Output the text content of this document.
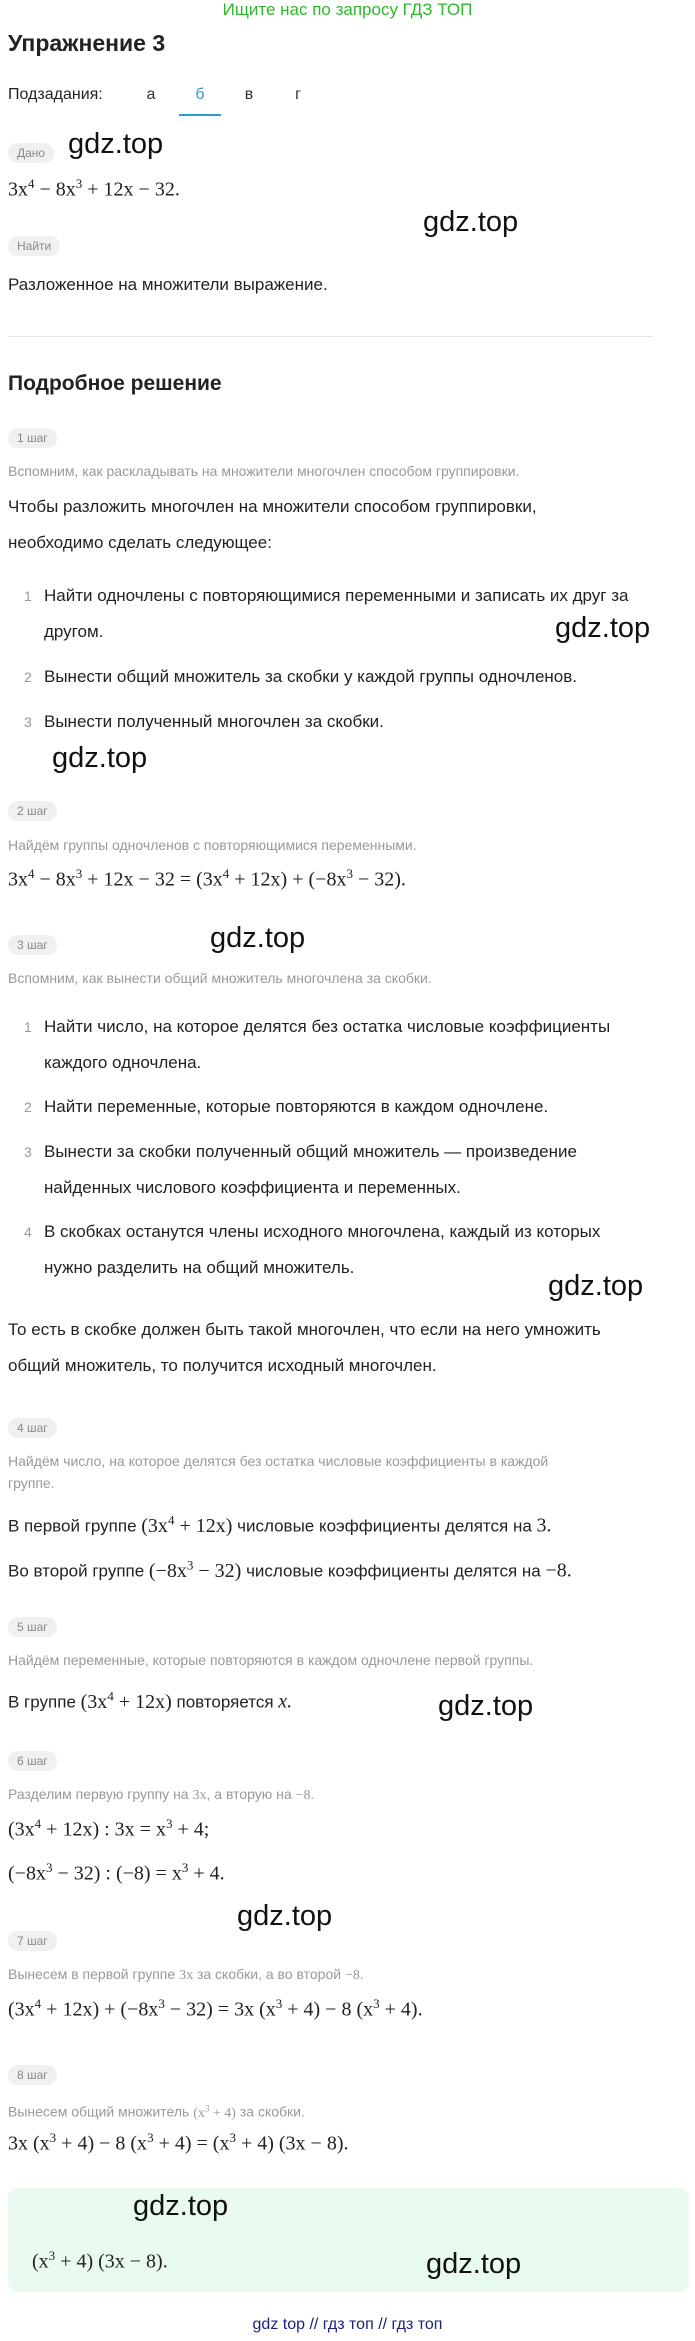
Ищите нас по запросу ГДЗ ТОП
Упражнение 3
Подзадания:	а	б	в	г
Дано
$3x^4 - 8x^3 + 12x - 32$.
Найти
Разложенное на множители выражение.
Подробное решение
1 шаг
Вспомним, как раскладывать на множители многочлен способом группировки.
Чтобы разложить многочлен на множители способом группировки,
необходимо сделать следующее:
1 Найти одночлены с повторяющимися переменными и записать их друг за
другом.
2 Вынести общий множитель за скобки у каждой группы одночленов.
3 Вынести полученный многочлен за скобки.
2 шаг
Найдём группы одночленов с повторяющимися переменными.
$3x^4 - 8x^3 + 12x - 32 = (3x^4 + 12x) + (-8x^3 - 32)$.
3 шаг
Вспомним, как вынести общий множитель многочлена за скобки.
1 Найти число, на которое делятся без остатка числовые коэффициенты
каждого одночлена.
2 Найти переменные, которые повторяются в каждом одночлене.
3 Вынести за скобки полученный общий множитель — произведение
найденных числового коэффициента и переменных.
4 В скобках останутся члены исходного многочлена, каждый из которых
нужно разделить на общий множитель.
То есть в скобке должен быть такой многочлен, что если на него умножить
общий множитель, то получится исходный многочлен.
4 шаг
Найдём число, на которое делятся без остатка числовые коэффициенты в каждой
группе.
В первой группе $(3x^4 + 12x)$ числовые коэффициенты делятся на 3.
Во второй группе $(-8x^3 - 32)$ числовые коэффициенты делятся на −8.
5 шаг
Найдём переменные, которые повторяются в каждом одночлене первой группы.
В группе $(3x^4 + 12x)$ повторяется x.
6 шаг
Разделим первую группу на 3x, а вторую на −8.
$(3x^4 + 12x)$ : $3x = x^3 + 4$;
$(-8x^3 - 32)$ : $(-8) = x^3 + 4$.
7 шаг
Вынесем в первой группе 3x за скобки, а во второй −8.
$(3x^4 + 12x) + (-8x^3 - 32) = 3x$ $(x^3 + 4) - 8$ $(x^3 + 4)$.
8 шаг
Вынесем общий множитель $(x^3 + 4)$ за скобки.
3x $(x^3 + 4) - 8$ $(x^3 + 4) = (x^3 + 4) (3x - 8)$.
$(x^3 + 4) (3x - 8)$.
gdz.top
gdz.top
gdz.top
gdz.top
gdz.top
gdz.top
gdz.top
gdz.top
gdz.top
gdz.top
gdz top // гдз топ // гдз топ
